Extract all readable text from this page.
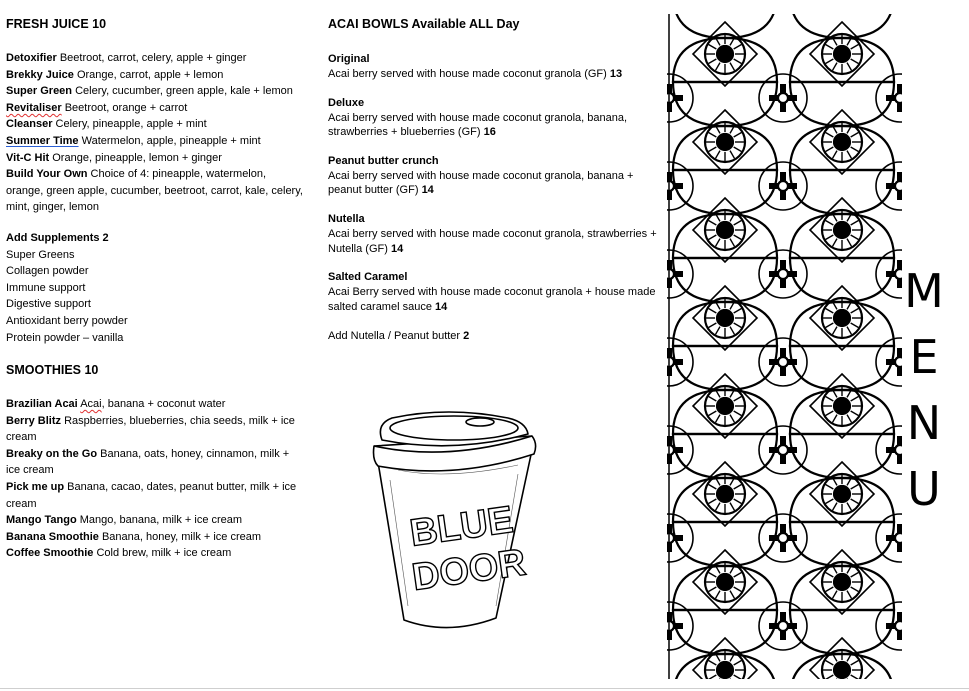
FRESH JUICE 10
Detoxifier Beetroot, carrot, celery, apple + ginger
Brekky Juice Orange, carrot, apple + lemon
Super Green Celery, cucumber, green apple, kale + lemon
Revitaliser Beetroot, orange + carrot
Cleanser Celery, pineapple, apple + mint
Summer Time Watermelon, apple, pineapple + mint
Vit-C Hit Orange, pineapple, lemon + ginger
Build Your Own Choice of 4: pineapple, watermelon, orange, green apple, cucumber, beetroot, carrot, kale, celery, mint, ginger, lemon
Add Supplements 2
Super Greens
Collagen powder
Immune support
Digestive support
Antioxidant berry powder
Protein powder – vanilla
SMOOTHIES 10
Brazilian Acai Acai, banana + coconut water
Berry Blitz Raspberries, blueberries, chia seeds, milk + ice cream
Breaky on the Go Banana, oats, honey, cinnamon, milk + ice cream
Pick me up Banana, cacao, dates, peanut butter, milk + ice cream
Mango Tango Mango, banana, milk + ice cream
Banana Smoothie Banana, honey, milk + ice cream
Coffee Smoothie Cold brew, milk + ice cream
ACAI BOWLS Available ALL Day
Original
Acai berry served with house made coconut granola (GF) 13
Deluxe
Acai berry served with house made coconut granola, banana, strawberries + blueberries (GF) 16
Peanut butter crunch
Acai berry served with house made coconut granola, banana + peanut butter (GF) 14
Nutella
Acai berry served with house made coconut granola, strawberries + Nutella (GF) 14
Salted Caramel
Acai Berry served with house made coconut granola + house made salted caramel sauce 14
Add Nutella / Peanut butter 2
BLUE
DOOR
M
E
N
U
